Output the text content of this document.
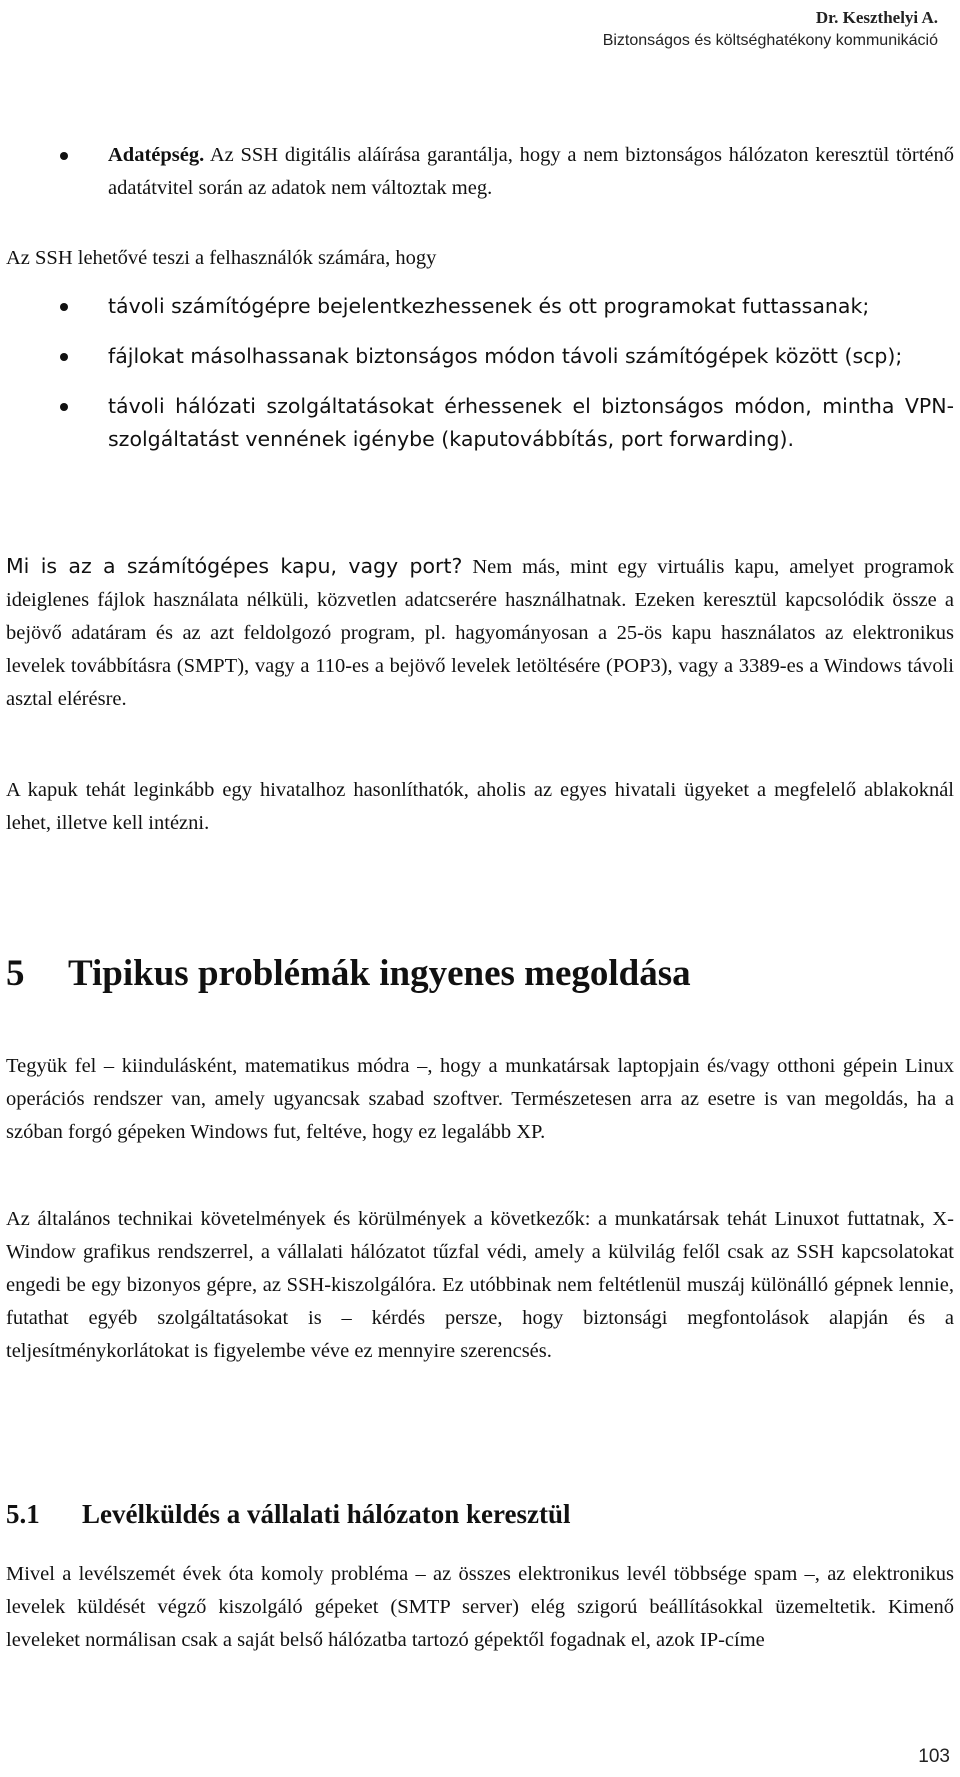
Dr. Keszthelyi A.
Biztonságos és költséghatékony kommunikáció
Adatépség. Az SSH digitális aláírása garantálja, hogy a nem biztonságos hálózaton keresztül történő adatátvitel során az adatok nem változtak meg.
Az SSH lehetővé teszi a felhasználók számára, hogy
távoli számítógépre bejelentkezhessenek és ott programokat futtassanak;
fájlokat másolhassanak biztonságos módon távoli számítógépek között (scp);
távoli hálózati szolgáltatásokat érhessenek el biztonságos módon, mintha VPN-szolgáltatást vennének igénybe (kaputovábbítás, port forwarding).
Mi is az a számítógépes kapu, vagy port? Nem más, mint egy virtuális kapu, amelyet programok ideiglenes fájlok használata nélküli, közvetlen adatcserére használhatnak. Ezeken keresztül kapcsolódik össze a bejövő adatáram és az azt feldolgozó program, pl. hagyományosan a 25-ös kapu használatos az elektronikus levelek továbbításra (SMPT), vagy a 110-es a bejövő levelek letöltésére (POP3), vagy a 3389-es a Windows távoli asztal elérésre.
A kapuk tehát leginkább egy hivatalhoz hasonlíthatók, aholis az egyes hivatali ügyeket a megfelelő ablakoknál lehet, illetve kell intézni.
5 Tipikus problémák ingyenes megoldása
Tegyük fel – kiindulásként, matematikus módra –, hogy a munkatársak laptopjain és/vagy otthoni gépein Linux operációs rendszer van, amely ugyancsak szabad szoftver. Természetesen arra az esetre is van megoldás, ha a szóban forgó gépeken Windows fut, feltéve, hogy ez legalább XP.
Az általános technikai követelmények és körülmények a következők: a munkatársak tehát Linuxot futtatnak, X-Window grafikus rendszerrel, a vállalati hálózatot tűzfal védi, amely a külvilág felől csak az SSH kapcsolatokat engedi be egy bizonyos gépre, az SSH-kiszolgálóra. Ez utóbbinak nem feltétlenül muszáj különálló gépnek lennie, futathat egyéb szolgáltatásokat is – kérdés persze, hogy biztonsági megfontolások alapján és a teljesítménykorlátokat is figyelembe véve ez mennyire szerencsés.
5.1 Levélküldés a vállalati hálózaton keresztül
Mivel a levélszemét évek óta komoly probléma – az összes elektronikus levél többsége spam –, az elektronikus levelek küldését végző kiszolgáló gépeket (SMTP server) elég szigorú beállításokkal üzemeltetik. Kimenő leveleket normálisan csak a saját belső hálózatba tartozó gépektől fogadnak el, azok IP-címe
103
